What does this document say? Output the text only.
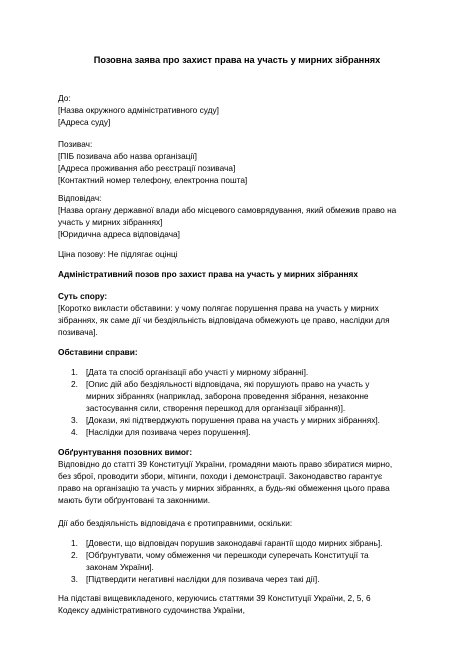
Позовна заява про захист права на участь у мирних зібраннях
До:
[Назва окружного адміністративного суду]
[Адреса суду]
Позивач:
[ПІБ позивача або назва організації]
[Адреса проживання або реєстрації позивача]
[Контактний номер телефону, електронна пошта]
Відповідач:
[Назва органу державної влади або місцевого самоврядування, який обмежив право на
участь у мирних зібраннях]
[Юридична адреса відповідача]
Ціна позову: Не підлягає оцінці
Адміністративний позов про захист права на участь у мирних зібраннях
Суть спору:
[Коротко викласти обставини: у чому полягає порушення права на участь у мирних
зібраннях, як саме дії чи бездіяльність відповідача обмежують це право, наслідки для
позивача].
Обставини справи:
1. [Дата та спосіб організації або участі у мирному зібранні].
2. [Опис дій або бездіяльності відповідача, які порушують право на участь у
мирних зібраннях (наприклад, заборона проведення зібрання, незаконне
застосування сили, створення перешкод для організації зібрання)].
3. [Докази, які підтверджують порушення права на участь у мирних зібраннях].
4. [Наслідки для позивача через порушення].
Обґрунтування позовних вимог:
Відповідно до статті 39 Конституції України, громадяни мають право збиратися мирно,
без зброї, проводити збори, мітинги, походи і демонстрації. Законодавство гарантує
право на організацію та участь у мирних зібраннях, а будь-які обмеження цього права
мають бути обґрунтовані та законними.
Дії або бездіяльність відповідача є протиправними, оскільки:
1. [Довести, що відповідач порушив законодавчі гарантії щодо мирних зібрань].
2. [Обґрунтувати, чому обмеження чи перешкоди суперечать Конституції та
законам України].
3. [Підтвердити негативні наслідки для позивача через такі дії].
На підставі вищевикладеного, керуючись статтями 39 Конституції України, 2, 5, 6
Кодексу адміністративного судочинства України,
